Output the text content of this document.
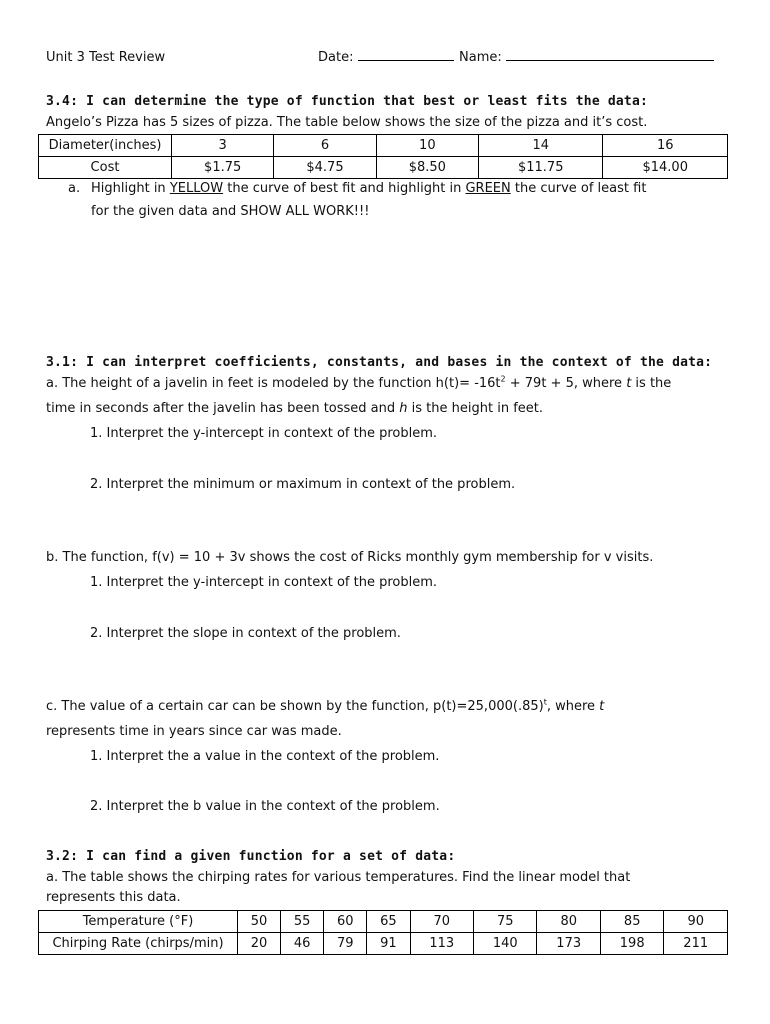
Unit 3 Test Review	Date:	Name:
3.4: I can determine the type of function that best or least fits the data:
Angelo’s Pizza has 5 sizes of pizza. The table below shows the size of the pizza and it’s cost.
Diameter(inches)	3	6	10	14	16
Cost	$1.75	$4.75	$8.50	$11.75	$14.00
a. Highlight in YELLOW the curve of best fit and highlight in GREEN the curve of least fit
for the given data and SHOW ALL WORK!!!
3.1: I can interpret coefficients, constants, and bases in the context of the data:
a. The height of a javelin in feet is modeled by the function $h(t)= -16t^2 + 79t + 5$, where t is the
time in seconds after the javelin has been tossed and h is the height in feet.
1. Interpret the y-intercept in context of the problem.
2. Interpret the minimum or maximum in context of the problem.
b. The function, f(v) = 10 + 3v shows the cost of Ricks monthly gym membership for v visits.
1. Interpret the y-intercept in context of the problem.
2. Interpret the slope in context of the problem.
c. The value of a certain car can be shown by the function, $p(t)=25,000(.85)^t$, where t
represents time in years since car was made.
1. Interpret the a value in the context of the problem.
2. Interpret the b value in the context of the problem.
3.2: I can find a given function for a set of data:
a. The table shows the chirping rates for various temperatures. Find the linear model that
represents this data.
Temperature (°F)	50	55	60	65	70	75	80	85	90
Chirping Rate (chirps/min)	20	46	79	91	113	140	173	198	211
